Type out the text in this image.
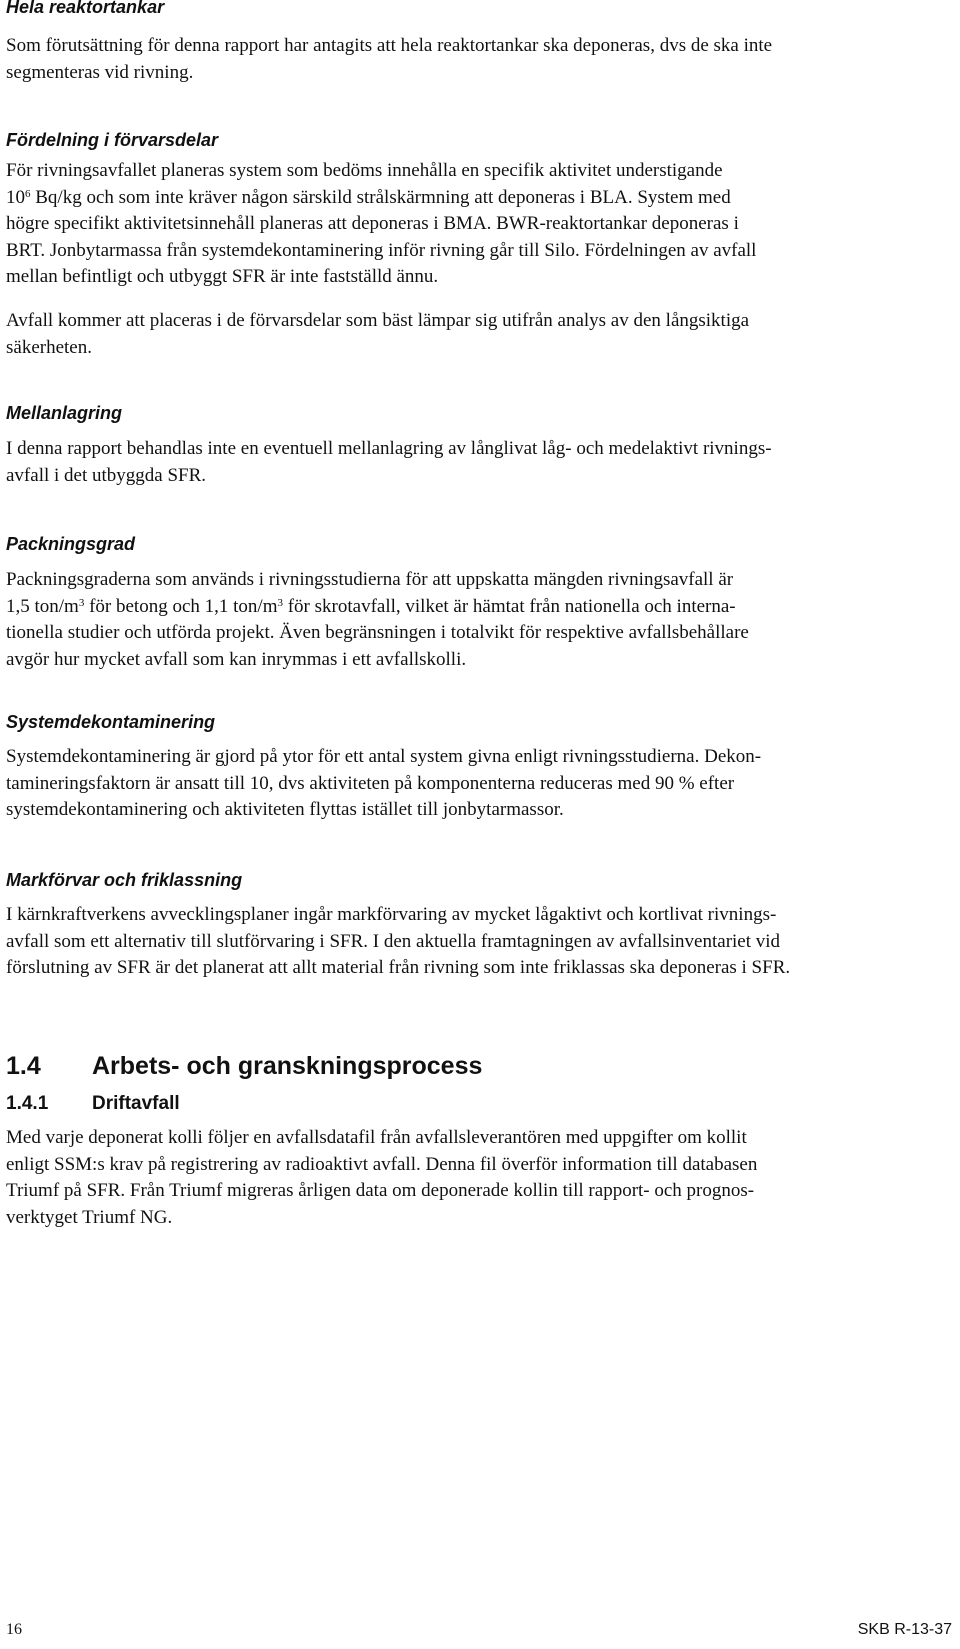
Hela reaktortankar
Som förutsättning för denna rapport har antagits att hela reaktortankar ska deponeras, dvs de ska inte
segmenteras vid rivning.
Fördelning i förvarsdelar
För rivningsavfallet planeras system som bedöms innehålla en specifik aktivitet understigande
$10^6$ Bq/kg och som inte kräver någon särskild strålskärmning att deponeras i BLA. System med
högre specifikt aktivitetsinnehåll planeras att deponeras i BMA. BWR-reaktortankar deponeras i
BRT. Jonbytarmassa från systemdekontaminering inför rivning går till Silo. Fördelningen av avfall
mellan befintligt och utbyggt SFR är inte fastställd ännu.
Avfall kommer att placeras i de förvarsdelar som bäst lämpar sig utifrån analys av den långsiktiga
säkerheten.
Mellanlagring
I denna rapport behandlas inte en eventuell mellanlagring av långlivat låg- och medelaktivt rivnings-
avfall i det utbyggda SFR.
Packningsgrad
Packningsgraderna som används i rivningsstudierna för att uppskatta mängden rivningsavfall är
1,5 ton/$m^3$ för betong och 1,1 ton/$m^3$ för skrotavfall, vilket är hämtat från nationella och interna-
tionella studier och utförda projekt. Även begränsningen i totalvikt för respektive avfallsbehållare
avgör hur mycket avfall som kan inrymmas i ett avfallskolli.
Systemdekontaminering
Systemdekontaminering är gjord på ytor för ett antal system givna enligt rivningsstudierna. Dekon-
tamineringsfaktorn är ansatt till 10, dvs aktiviteten på komponenterna reduceras med 90 % efter
systemdekontaminering och aktiviteten flyttas istället till jonbytarmassor.
Markförvar och friklassning
I kärnkraftverkens avvecklingsplaner ingår markförvaring av mycket lågaktivt och kortlivat rivnings-
avfall som ett alternativ till slutförvaring i SFR. I den aktuella framtagningen av avfallsinventariet vid
förslutning av SFR är det planerat att allt material från rivning som inte friklassas ska deponeras i SFR.
1.4 Arbets- och granskningsprocess
1.4.1 Driftavfall
Med varje deponerat kolli följer en avfallsdatafil från avfallsleverantören med uppgifter om kollit
enligt SSM:s krav på registrering av radioaktivt avfall. Denna fil överför information till databasen
Triumf på SFR. Från Triumf migreras årligen data om deponerade kollin till rapport- och prognos-
verktyget Triumf NG.
16	SKB R-13-37
